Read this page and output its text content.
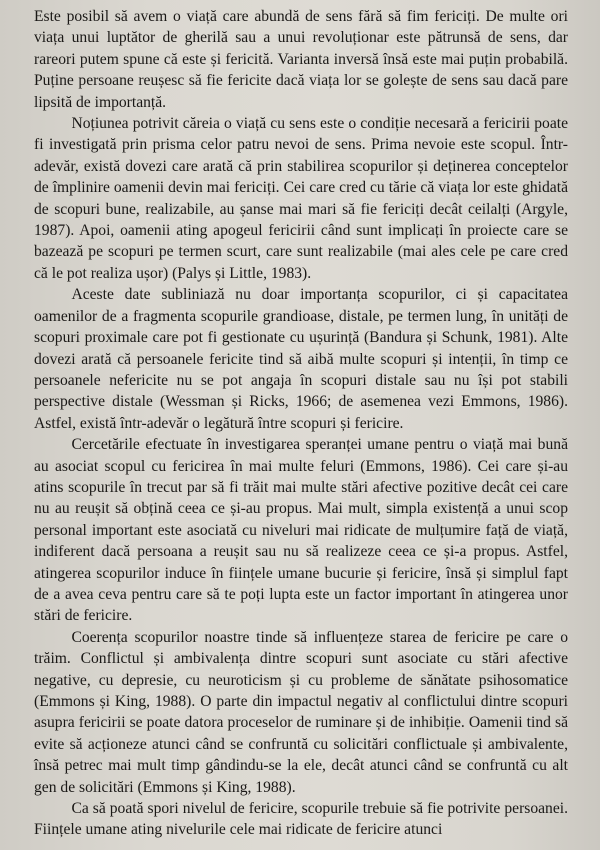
Este posibil să avem o viață care abundă de sens fără să fim fericiți. De multe ori viața unui luptător de gherilă sau a unui revoluționar este pătrunsă de sens, dar rareori putem spune că este și fericită. Varianta inversă însă este mai puțin probabilă. Puține persoane reușesc să fie fericite dacă viața lor se golește de sens sau dacă pare lipsită de importanță.

Noțiunea potrivit căreia o viață cu sens este o condiție necesară a fericirii poate fi investigată prin prisma celor patru nevoi de sens. Prima nevoie este scopul. Într-adevăr, există dovezi care arată că prin stabilirea scopurilor și deținerea conceptelor de împlinire oamenii devin mai fericiți. Cei care cred cu tărie că viața lor este ghidată de scopuri bune, realizabile, au șanse mai mari să fie fericiți decât ceilalți (Argyle, 1987). Apoi, oamenii ating apogeul fericirii când sunt implicați în proiecte care se bazează pe scopuri pe termen scurt, care sunt realizabile (mai ales cele pe care cred că le pot realiza ușor) (Palys și Little, 1983).

Aceste date subliniază nu doar importanța scopurilor, ci și capacitatea oamenilor de a fragmenta scopurile grandioase, distale, pe termen lung, în unități de scopuri proximale care pot fi gestionate cu ușurință (Bandura și Schunk, 1981). Alte dovezi arată că persoanele fericite tind să aibă multe scopuri și intenții, în timp ce persoanele nefericite nu se pot angaja în scopuri distale sau nu își pot stabili perspective distale (Wessman și Ricks, 1966; de asemenea vezi Emmons, 1986). Astfel, există într-adevăr o legătură între scopuri și fericire.

Cercetările efectuate în investigarea speranței umane pentru o viață mai bună au asociat scopul cu fericirea în mai multe feluri (Emmons, 1986). Cei care și-au atins scopurile în trecut par să fi trăit mai multe stări afective pozitive decât cei care nu au reușit să obțină ceea ce și-au propus. Mai mult, simpla existență a unui scop personal important este asociată cu niveluri mai ridicate de mulțumire față de viață, indiferent dacă persoana a reușit sau nu să realizeze ceea ce și-a propus. Astfel, atingerea scopurilor induce în ființele umane bucurie și fericire, însă și simplul fapt de a avea ceva pentru care să te poți lupta este un factor important în atingerea unor stări de fericire.

Coerența scopurilor noastre tinde să influențeze starea de fericire pe care o trăim. Conflictul și ambivalența dintre scopuri sunt asociate cu stări afective negative, cu depresie, cu neuroticism și cu probleme de sănătate psihosomatice (Emmons și King, 1988). O parte din impactul negativ al conflictului dintre scopuri asupra fericirii se poate datora proceselor de ruminare și de inhibiție. Oamenii tind să evite să acționeze atunci când se confruntă cu solicitări conflictuale și ambivalente, însă petrec mai mult timp gândindu-se la ele, decât atunci când se confruntă cu alt gen de solicitări (Emmons și King, 1988).

Ca să poată spori nivelul de fericire, scopurile trebuie să fie potrivite persoanei. Ființele umane ating nivelurile cele mai ridicate de fericire atunci
